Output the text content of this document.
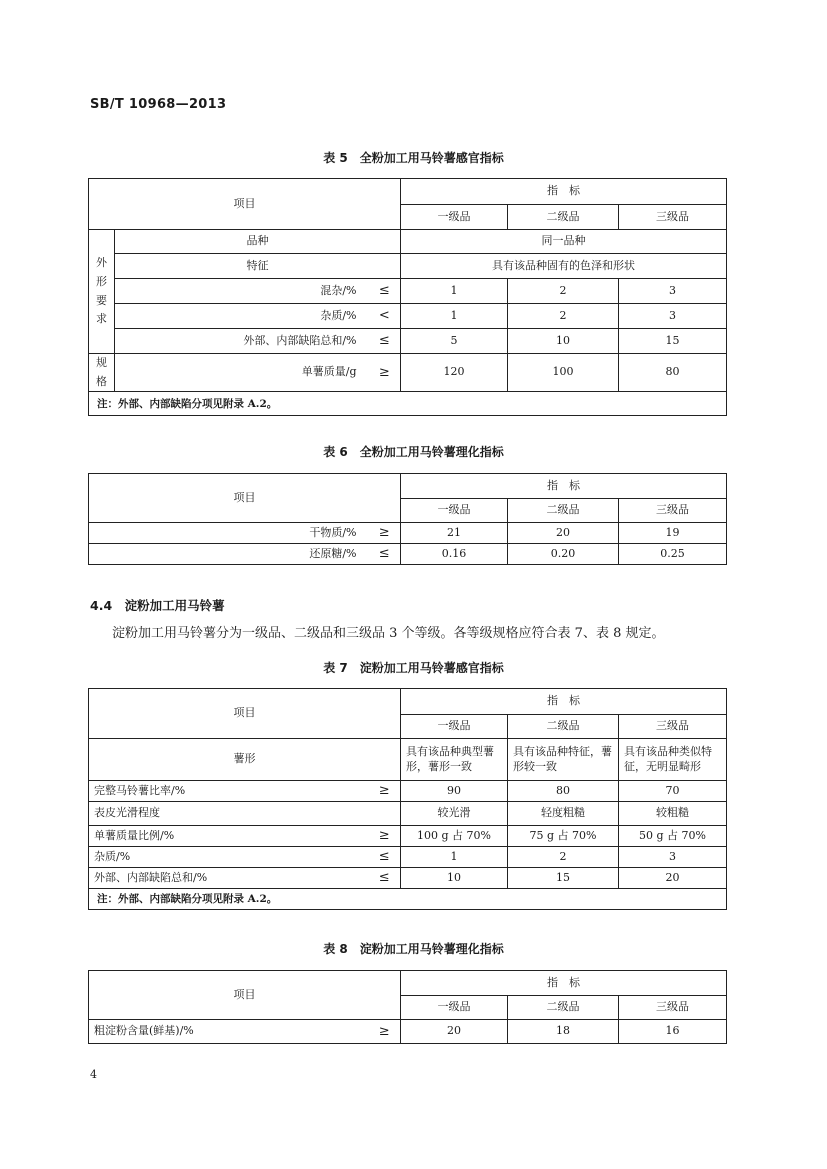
SB/T 10968—2013
表 5　全粉加工用马铃薯感官指标
项目			指　标		
			一级品	二级品	三级品
外形要求	品种		同一品种		
	特征		具有该品种固有的色泽和形状		
	混杂/%	≤	1	2	3
	杂质/%	<	1	2	3
	外部、内部缺陷总和/%	≤	5	10	15
规格	单薯质量/g	≥	120	100	80
注：外部、内部缺陷分项见附录 A.2。					
表 6　全粉加工用马铃薯理化指标
项目		指　标		
		一级品	二级品	三级品
干物质/%	≥	21	20	19
还原糖/%	≤	0.16	0.20	0.25
4.4　淀粉加工用马铃薯
淀粉加工用马铃薯分为一级品、二级品和三级品 3 个等级。各等级规格应符合表 7、表 8 规定。
表 7　淀粉加工用马铃薯感官指标
项目		指　标		
		一级品	二级品	三级品
薯形		具有该品种典型薯形，薯形一致	具有该品种特征，薯形较一致	具有该品种类似特征，无明显畸形
完整马铃薯比率/%	≥	90	80	70
表皮光滑程度		较光滑	轻度粗糙	较粗糙
单薯质量比例/%	≥	100 g 占 70%	75 g 占 70%	50 g 占 70%
杂质/%	≤	1	2	3
外部、内部缺陷总和/%	≤	10	15	20
注：外部、内部缺陷分项见附录 A.2。				
表 8　淀粉加工用马铃薯理化指标
项目		指　标		
		一级品	二级品	三级品
粗淀粉含量(鲜基)/%	≥	20	18	16
4
